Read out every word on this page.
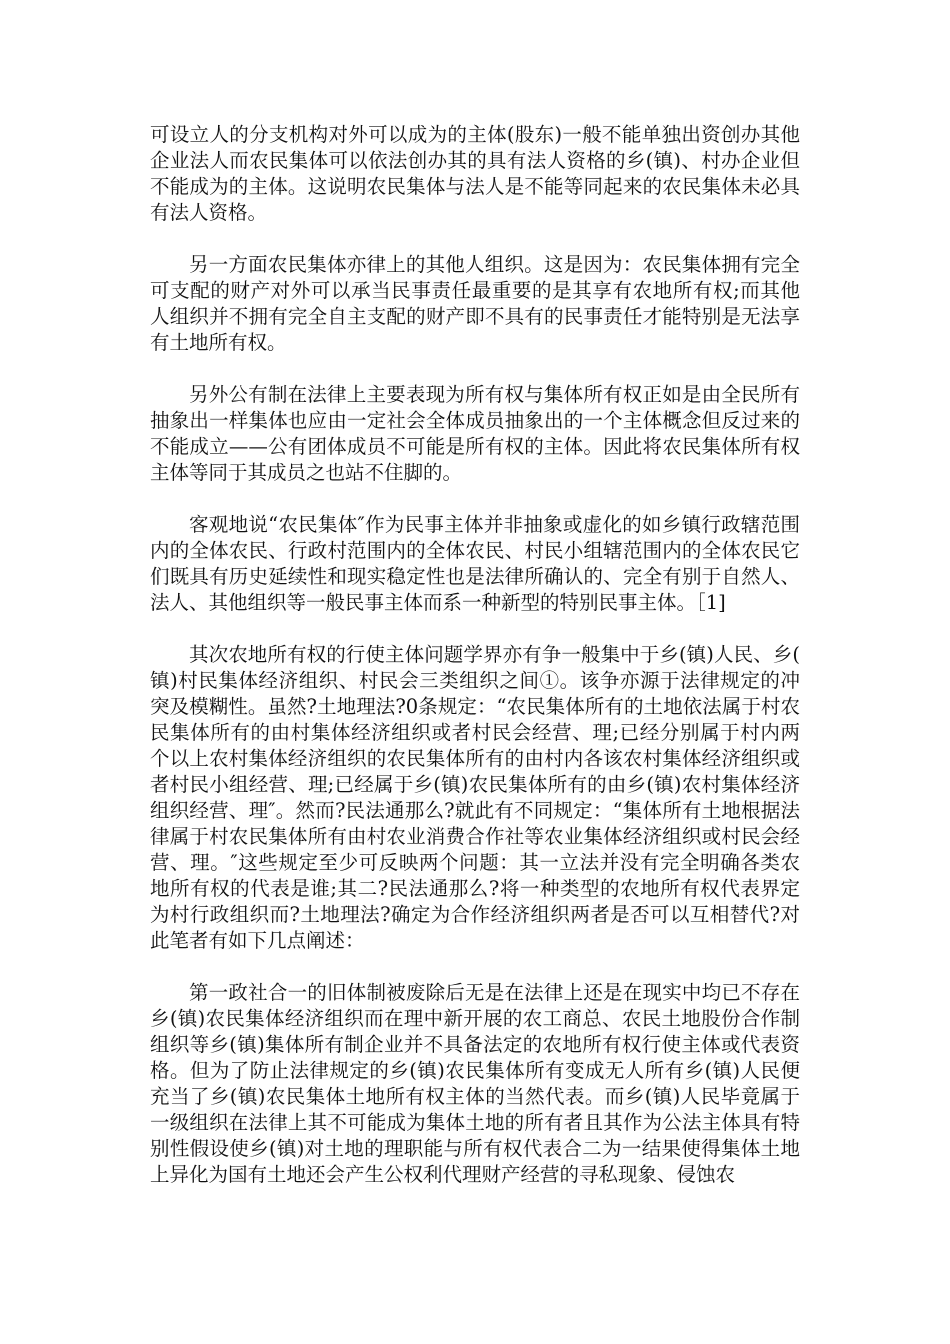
可设立人的分支机构对外可以成为的主体(股东)一般不能单独出资创办其他企业法人而农民集体可以依法创办其的具有法人资格的乡(镇)、村办企业但不能成为的主体。这说明农民集体与法人是不能等同起来的农民集体未必具有法人资格。

另一方面农民集体亦律上的其他人组织。这是因为：农民集体拥有完全可支配的财产对外可以承当民事责任最重要的是其享有农地所有权;而其他人组织并不拥有完全自主支配的财产即不具有的民事责任才能特别是无法享有土地所有权。

另外公有制在法律上主要表现为所有权与集体所有权正如是由全民所有抽象出一样集体也应由一定社会全体成员抽象出的一个主体概念但反过来的不能成立——公有团体成员不可能是所有权的主体。因此将农民集体所有权主体等同于其成员之也站不住脚的。

客观地说“农民集体″作为民事主体并非抽象或虚化的如乡镇行政辖范围内的全体农民、行政村范围内的全体农民、村民小组辖范围内的全体农民它们既具有历史延续性和现实稳定性也是法律所确认的、完全有别于自然人、法人、其他组织等一般民事主体而系一种新型的特别民事主体。［1]

其次农地所有权的行使主体问题学界亦有争一般集中于乡(镇)人民、乡(镇)村民集体经济组织、村民会三类组织之间①。该争亦源于法律规定的冲突及模糊性。虽然?土地理法?0条规定：“农民集体所有的土地依法属于村农民集体所有的由村集体经济组织或者村民会经营、理;已经分别属于村内两个以上农村集体经济组织的农民集体所有的由村内各该农村集体经济组织或者村民小组经营、理;已经属于乡(镇)农民集体所有的由乡(镇)农村集体经济组织经营、理″。然而?民法通那么?就此有不同规定：“集体所有土地根据法律属于村农民集体所有由村农业消费合作社等农业集体经济组织或村民会经营、理。″这些规定至少可反映两个问题：其一立法并没有完全明确各类农地所有权的代表是谁;其二?民法通那么?将一种类型的农地所有权代表界定为村行政组织而?土地理法?确定为合作经济组织两者是否可以互相替代?对此笔者有如下几点阐述：

第一政社合一的旧体制被废除后无是在法律上还是在现实中均已不存在乡(镇)农民集体经济组织而在理中新开展的农工商总、农民土地股份合作制组织等乡(镇)集体所有制企业并不具备法定的农地所有权行使主体或代表资格。但为了防止法律规定的乡(镇)农民集体所有变成无人所有乡(镇)人民便充当了乡(镇)农民集体土地所有权主体的当然代表。而乡(镇)人民毕竟属于一级组织在法律上其不可能成为集体土地的所有者且其作为公法主体具有特别性假设使乡(镇)对土地的理职能与所有权代表合二为一结果使得集体土地上异化为国有土地还会产生公权利代理财产经营的寻私现象、侵蚀农
